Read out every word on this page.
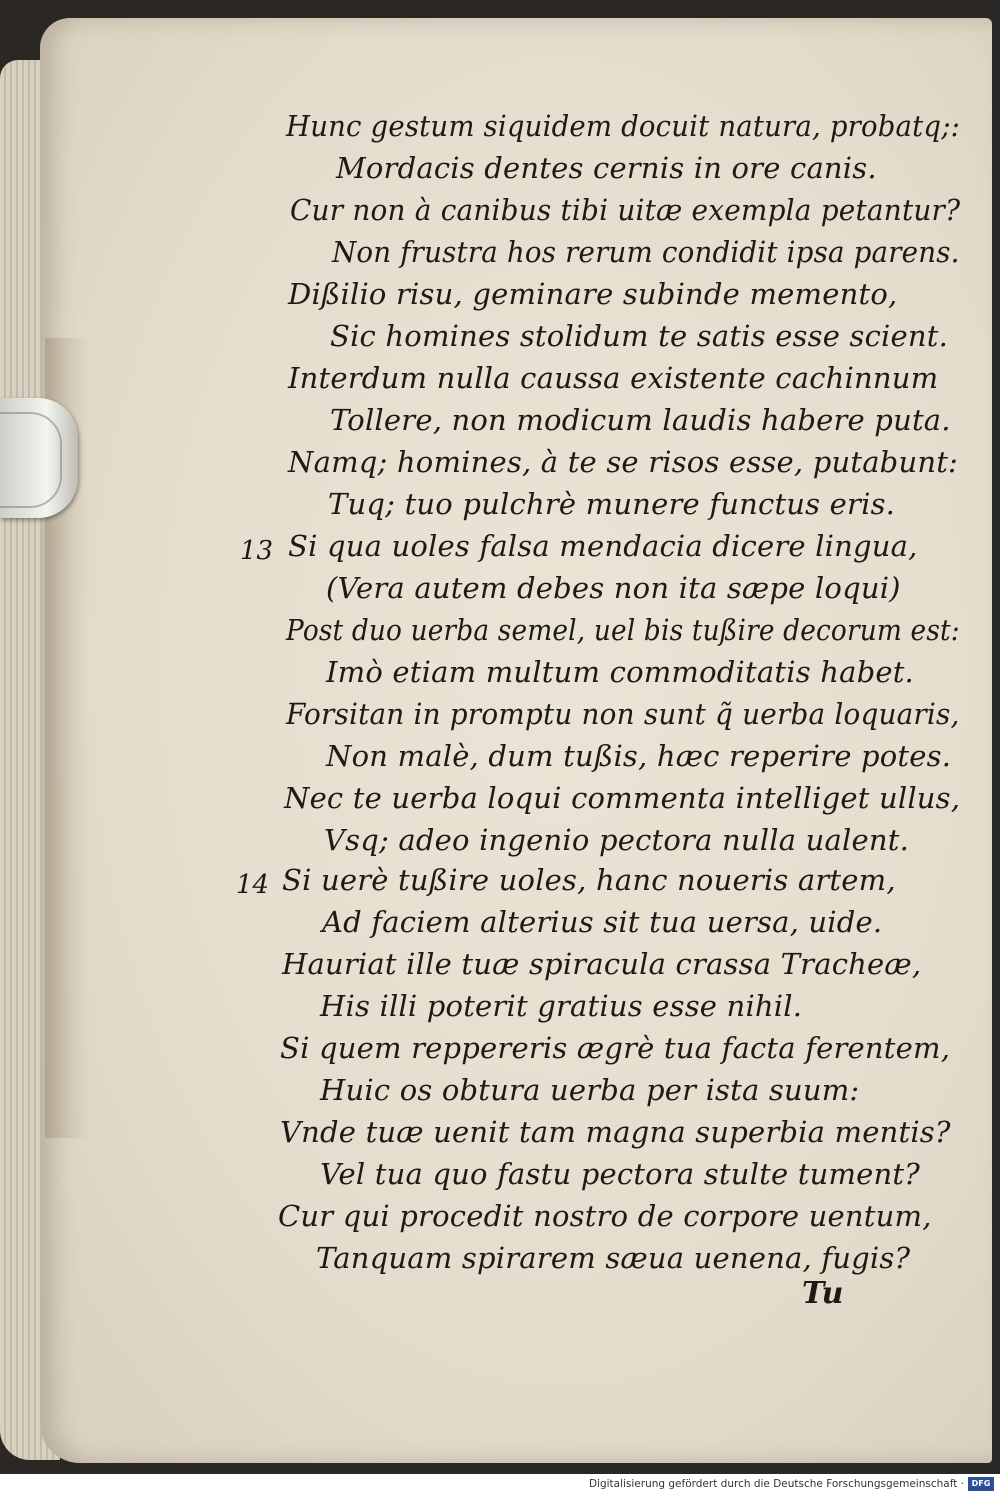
Hunc gestum siquidem docuit natura, probatq;:
Mordacis dentes cernis in ore canis.
Cur non à canibus tibi uitæ exempla petantur?
Non frustra hos rerum condidit ipsa parens.
Dißilio risu, geminare subinde memento,
Sic homines stolidum te satis esse scient.
Interdum nulla caussa existente cachinnum
Tollere, non modicum laudis habere puta.
Namq; homines, à te se risos esse, putabunt:
Tuq; tuo pulchrè munere functus eris.
13 Si qua uoles falsa mendacia dicere lingua,
(Vera autem debes non ita sæpe loqui)
Post duo uerba semel, uel bis tußire decorum est:
Imò etiam multum commoditatis habet.
Forsitan in promptu non sunt q̃ uerba loquaris,
Non malè, dum tußis, hæc reperire potes.
Nec te uerba loqui commenta intelliget ullus,
Vsq; adeo ingenio pectora nulla ualent.
14 Si uerè tußire uoles, hanc noueris artem,
Ad faciem alterius sit tua uersa, uide.
Hauriat ille tuæ spiracula crassa Tracheæ,
His illi poterit gratius esse nihil.
Si quem reppereris ægrè tua facta ferentem,
Huic os obtura uerba per ista suum:
Vnde tuæ uenit tam magna superbia mentis?
Vel tua quo fastu pectora stulte tument?
Cur qui procedit nostro de corpore uentum,
Tanquam spirarem sæua uenena, fugis?
Tu
Digitalisierung gefördert durch die Deutsche Forschungsgemeinschaft · DFG
